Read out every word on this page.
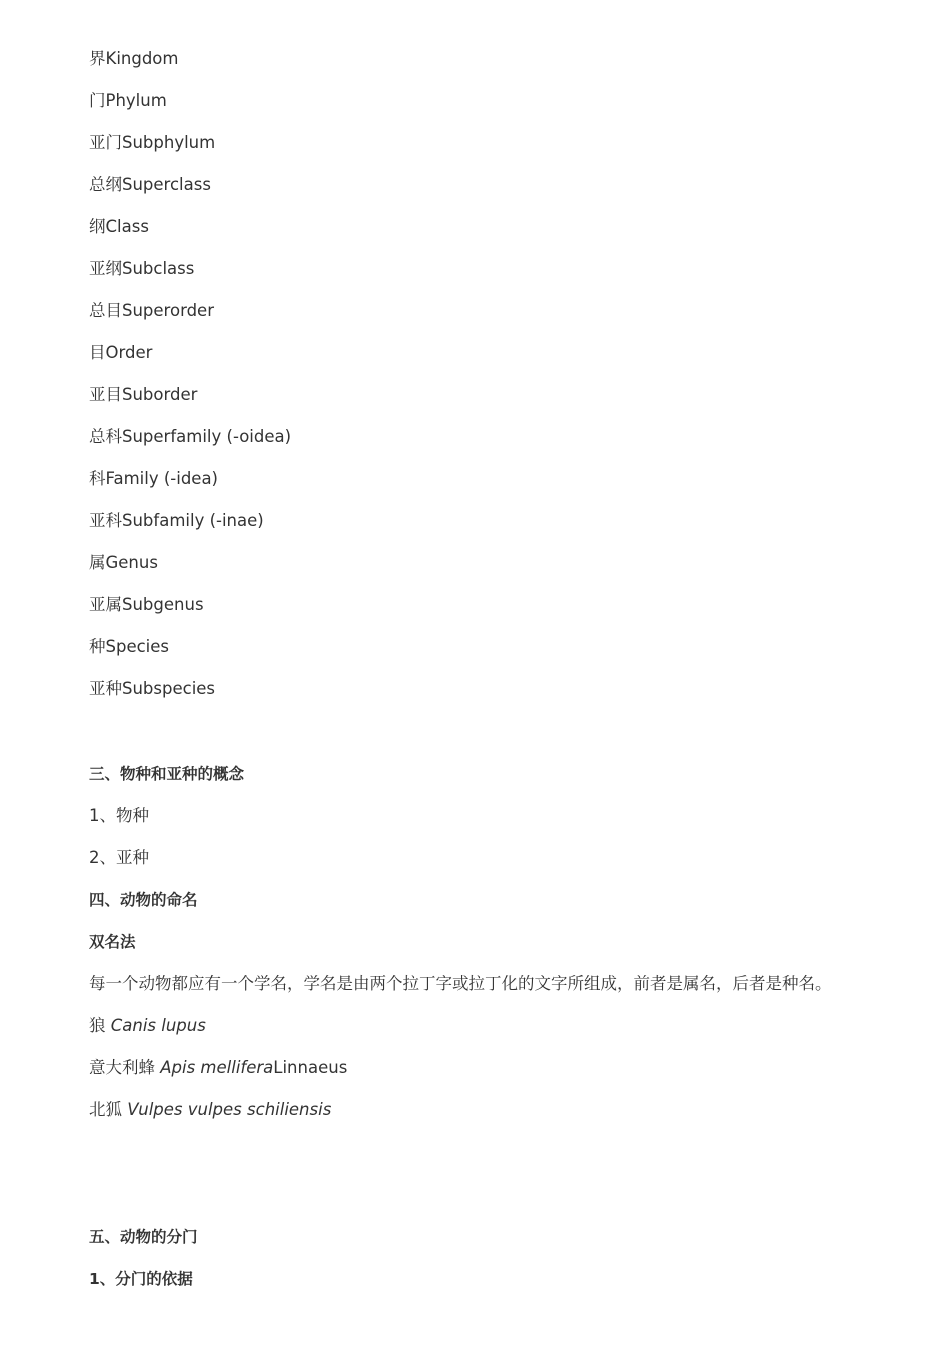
界Kingdom
门Phylum
亚门Subphylum
总纲Superclass
纲Class
亚纲Subclass
总目Superorder
目Order
亚目Suborder
总科Superfamily (-oidea)
科Family (-idea)
亚科Subfamily (-inae)
属Genus
亚属Subgenus
种Species
亚种Subspecies
三、物种和亚种的概念
1、物种
2、亚种
四、动物的命名
双名法
每一个动物都应有一个学名，学名是由两个拉丁字或拉丁化的文字所组成，前者是属名，后者是种名。
狼 Canis lupus
意大利蜂 Apis melliferaLinnaeus
北狐 Vulpes vulpes schiliensis
五、动物的分门
1、分门的依据
